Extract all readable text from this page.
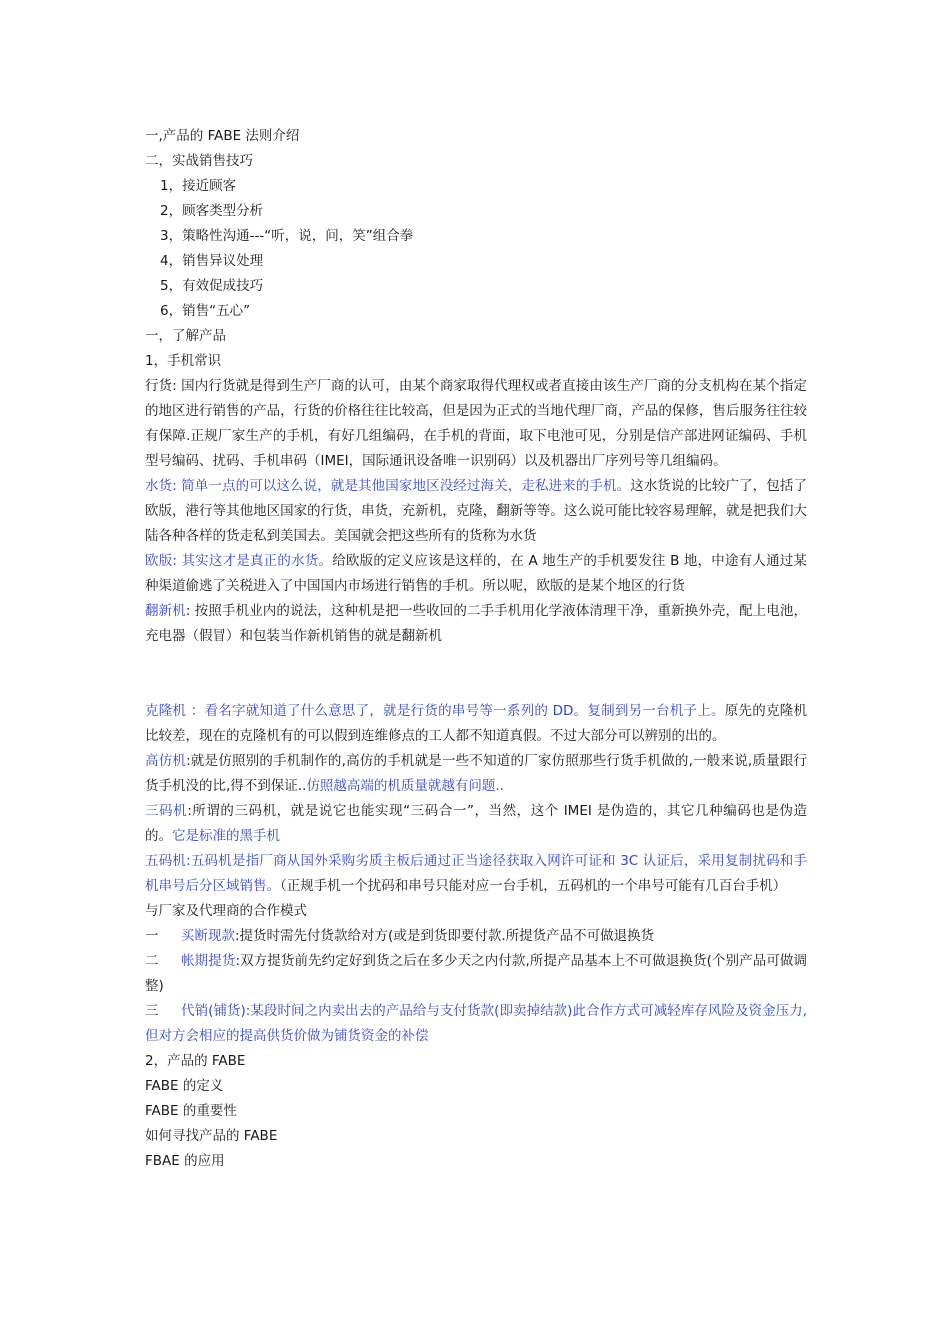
一,产品的 FABE 法则介绍

二，实战销售技巧

1，接近顾客

2，顾客类型分析

3，策略性沟通---“听，说，问，笑”组合拳

4，销售异议处理

5，有效促成技巧

6，销售“五心”

一，了解产品

1，手机常识

行货: 国内行货就是得到生产厂商的认可，由某个商家取得代理权或者直接由该生产厂商的分支机构在某个指定的地区进行销售的产品，行货的价格往往比较高，但是因为正式的当地代理厂商，产品的保修，售后服务往往较有保障.正规厂家生产的手机，有好几组编码，在手机的背面，取下电池可见，分别是信产部进网证编码、手机型号编码、扰码、手机串码（IMEI，国际通讯设备唯一识别码）以及机器出厂序列号等几组编码。

水货: 简单一点的可以这么说，就是其他国家地区没经过海关，走私进来的手机。这水货说的比较广了，包括了欧版，港行等其他地区国家的行货，串货，充新机，克隆，翻新等等。这么说可能比较容易理解，就是把我们大陆各种各样的货走私到美国去。美国就会把这些所有的货称为水货

欧版: 其实这才是真正的水货。给欧版的定义应该是这样的，在 A 地生产的手机要发往 B 地，中途有人通过某种渠道偷逃了关税进入了中国国内市场进行销售的手机。所以呢，欧版的是某个地区的行货

翻新机: 按照手机业内的说法，这种机是把一些收回的二手手机用化学液体清理干净，重新换外壳，配上电池，充电器（假冒）和包装当作新机销售的就是翻新机

克隆机 ：看名字就知道了什么意思了，就是行货的串号等一系列的 DD。复制到另一台机子上。原先的克隆机比较差，现在的克隆机有的可以假到连维修点的工人都不知道真假。不过大部分可以辨别的出的。

高仿机:就是仿照别的手机制作的,高仿的手机就是一些不知道的厂家仿照那些行货手机做的,一般来说,质量跟行货手机没的比,得不到保证..仿照越高端的机质量就越有问题..

三码机:所谓的三码机，就是说它也能实现“三码合一”，当然，这个 IMEI 是伪造的，其它几种编码也是伪造的。它是标准的黑手机

五码机:五码机是指厂商从国外采购劣质主板后通过正当途径获取入网许可证和 3C 认证后，采用复制扰码和手机串号后分区域销售。（正规手机一个扰码和串号只能对应一台手机，五码机的一个串号可能有几百台手机）

与厂家及代理商的合作模式

一 买断现款:提货时需先付货款给对方(或是到货即要付款.所提货产品不可做退换货

二 帐期提货:双方提货前先约定好到货之后在多少天之内付款,所提产品基本上不可做退换货(个别产品可做调整)

三 代销(铺货):某段时间之内卖出去的产品给与支付货款(即卖掉结款)此合作方式可减轻库存风险及资金压力,但对方会相应的提高供货价做为铺货资金的补偿

2，产品的 FABE

FABE 的定义

FABE 的重要性

如何寻找产品的 FABE

FBAE 的应用
